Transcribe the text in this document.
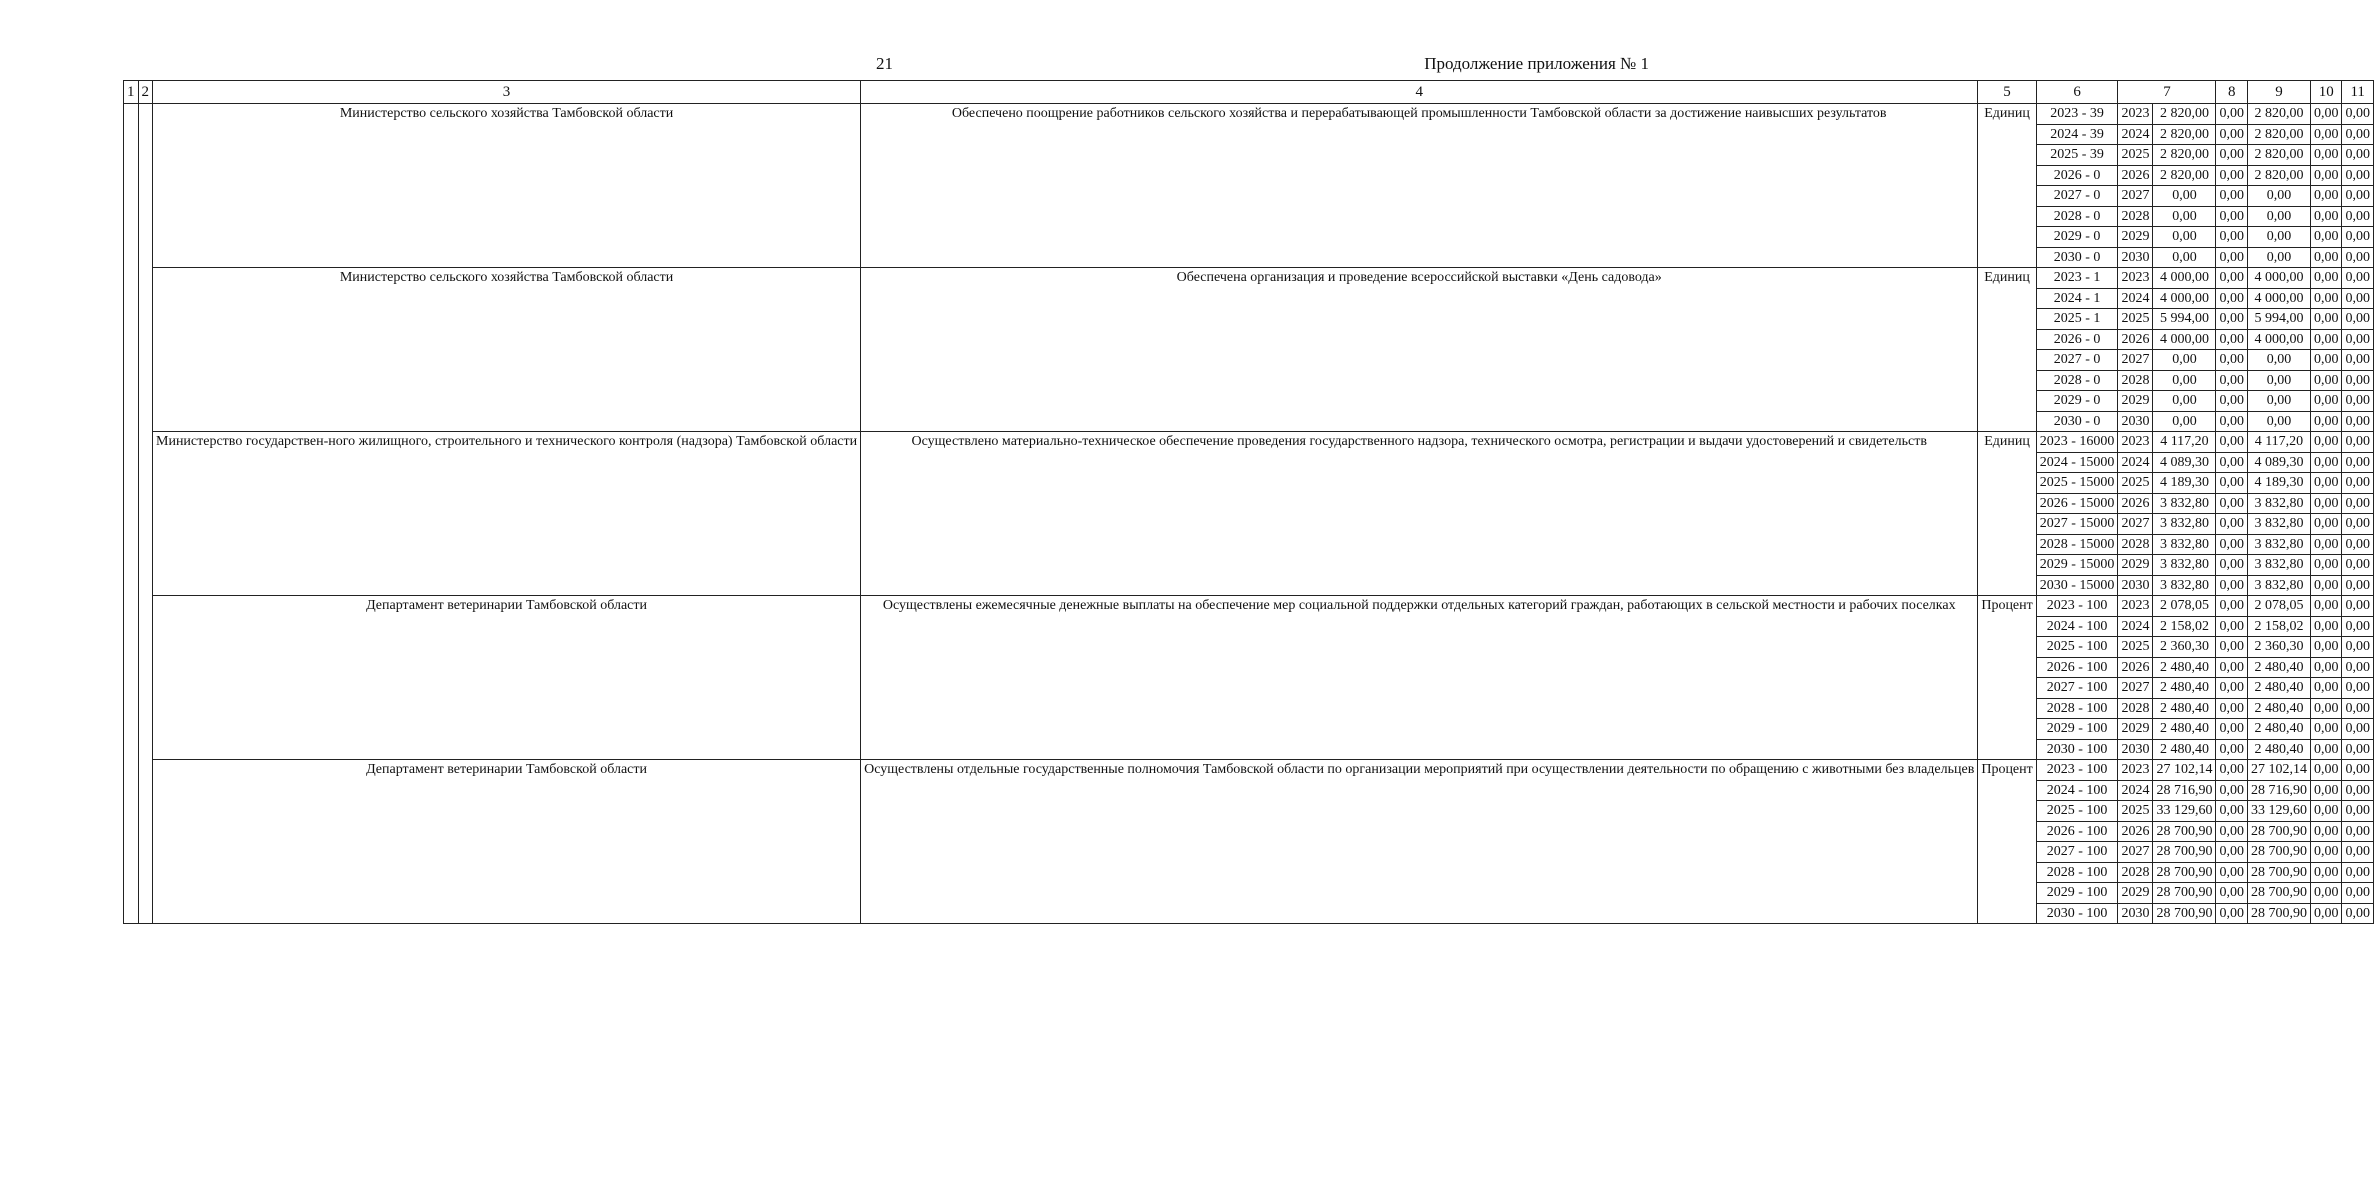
21	Продолжение приложения № 1
1	2	3	4	5	6	7		8	9	10	11
		Министерство сельского хозяйства Тамбовской области	Обеспечено поощрение работников сельского хозяйства и перерабатывающей промышленности Тамбовской области за достижение наивысших результатов	Единиц	2023 - 39	2023	2 820,00	0,00	2 820,00	0,00	0,00
					2024 - 39	2024	2 820,00	0,00	2 820,00	0,00	0,00
					2025 - 39	2025	2 820,00	0,00	2 820,00	0,00	0,00
					2026 - 0	2026	2 820,00	0,00	2 820,00	0,00	0,00
					2027 - 0	2027	0,00	0,00	0,00	0,00	0,00
					2028 - 0	2028	0,00	0,00	0,00	0,00	0,00
					2029 - 0	2029	0,00	0,00	0,00	0,00	0,00
					2030 - 0	2030	0,00	0,00	0,00	0,00	0,00
		Министерство сельского хозяйства Тамбовской области	Обеспечена организация и проведение всероссийской выставки «День садовода»	Единиц	2023 - 1	2023	4 000,00	0,00	4 000,00	0,00	0,00
					2024 - 1	2024	4 000,00	0,00	4 000,00	0,00	0,00
					2025 - 1	2025	5 994,00	0,00	5 994,00	0,00	0,00
					2026 - 0	2026	4 000,00	0,00	4 000,00	0,00	0,00
					2027 - 0	2027	0,00	0,00	0,00	0,00	0,00
					2028 - 0	2028	0,00	0,00	0,00	0,00	0,00
					2029 - 0	2029	0,00	0,00	0,00	0,00	0,00
					2030 - 0	2030	0,00	0,00	0,00	0,00	0,00
		Министерство государствен-ного жилищного, строительного и технического контроля (надзора) Тамбовской области	Осуществлено материально-техническое обеспечение проведения государственного надзора, технического осмотра, регистрации и выдачи удостоверений и свидетельств	Единиц	2023 - 16000	2023	4 117,20	0,00	4 117,20	0,00	0,00
					2024 - 15000	2024	4 089,30	0,00	4 089,30	0,00	0,00
					2025 - 15000	2025	4 189,30	0,00	4 189,30	0,00	0,00
					2026 - 15000	2026	3 832,80	0,00	3 832,80	0,00	0,00
					2027 - 15000	2027	3 832,80	0,00	3 832,80	0,00	0,00
					2028 - 15000	2028	3 832,80	0,00	3 832,80	0,00	0,00
					2029 - 15000	2029	3 832,80	0,00	3 832,80	0,00	0,00
					2030 - 15000	2030	3 832,80	0,00	3 832,80	0,00	0,00
		Департамент ветеринарии Тамбовской области	Осуществлены ежемесячные денежные выплаты на обеспечение мер социальной поддержки отдельных категорий граждан, работающих в сельской местности и рабочих поселках	Процент	2023 - 100	2023	2 078,05	0,00	2 078,05	0,00	0,00
					2024 - 100	2024	2 158,02	0,00	2 158,02	0,00	0,00
					2025 - 100	2025	2 360,30	0,00	2 360,30	0,00	0,00
					2026 - 100	2026	2 480,40	0,00	2 480,40	0,00	0,00
					2027 - 100	2027	2 480,40	0,00	2 480,40	0,00	0,00
					2028 - 100	2028	2 480,40	0,00	2 480,40	0,00	0,00
					2029 - 100	2029	2 480,40	0,00	2 480,40	0,00	0,00
					2030 - 100	2030	2 480,40	0,00	2 480,40	0,00	0,00
		Департамент ветеринарии Тамбовской области	Осуществлены отдельные государственные полномочия Тамбовской области по организации мероприятий при осуществлении деятельности по обращению с животными без владельцев	Процент	2023 - 100	2023	27 102,14	0,00	27 102,14	0,00	0,00
					2024 - 100	2024	28 716,90	0,00	28 716,90	0,00	0,00
					2025 - 100	2025	33 129,60	0,00	33 129,60	0,00	0,00
					2026 - 100	2026	28 700,90	0,00	28 700,90	0,00	0,00
					2027 - 100	2027	28 700,90	0,00	28 700,90	0,00	0,00
					2028 - 100	2028	28 700,90	0,00	28 700,90	0,00	0,00
					2029 - 100	2029	28 700,90	0,00	28 700,90	0,00	0,00
					2030 - 100	2030	28 700,90	0,00	28 700,90	0,00	0,00
